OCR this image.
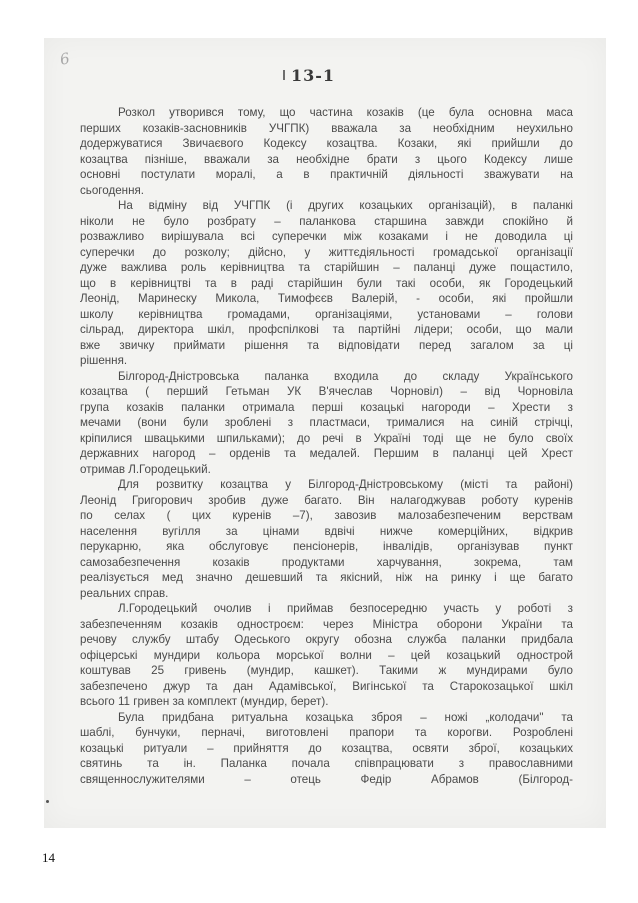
6
13-1
Розкол утворився тому, що частина козаків (це була основна маса
перших козаків-засновників УЧГПК) вважала за необхідним неухильно
додержуватися Звичаєвого Кодексу козацтва. Козаки, які прийшли до
козацтва пізніше, вважали за необхідне брати з цього Кодексу лише
основні постулати моралі, а в практичній діяльності зважувати на
сьогодення.
На відміну від УЧГПК (і других козацьких організацій), в паланкі
ніколи не було розбрату – паланкова старшина завжди спокійно й
розважливо вирішувала всі суперечки між козаками і не доводила ці
суперечки до розколу; дійсно, у життєдіяльності громадської організації
дуже важлива роль керівництва та старійшин – паланці дуже пощастило,
що в керівництві та в раді старійшин були такі особи, як Городецький
Леонід, Маринеску Микола, Тимофєєв Валерій, - особи, які пройшли
школу керівництва громадами, організаціями, установами – голови
сільрад, директора шкіл, профспілкові та партійні лідери; особи, що мали
вже звичку приймати рішення та відповідати перед загалом за ці
рішення.
Білгород-Дністровська паланка входила до складу Українського
козацтва ( перший Гетьман УК В'ячеслав Чорновіл) – від Чорновіла
група козаків паланки отримала перші козацькі нагороди – Хрести з
мечами (вони були зроблені з пластмаси, трималися на синій стрічці,
кріпилися швацькими шпильками); до речі в Україні тоді ще не було своїх
державних нагород – орденів та медалей. Першим в паланці цей Хрест
отримав Л.Городецький.
Для розвитку козацтва у Білгород-Дністровському (місті та районі)
Леонід Григорович зробив дуже багато. Він налагоджував роботу куренів
по селах ( цих куренів –7), завозив малозабезпеченим верствам
населення вугілля за цінами вдвічі нижче комерційних, відкрив
перукарню, яка обслуговує пенсіонерів, інвалідів, організував пункт
самозабезпечення козаків продуктами харчування, зокрема, там
реалізується мед значно дешевший та якісний, ніж на ринку і ще багато
реальних справ.
Л.Городецький очолив і приймав безпосередню участь у роботі з
забезпеченням козаків одностроєм: через Міністра оборони України та
речову службу штабу Одеського округу обозна служба паланки придбала
офіцерські мундири кольора морської волни – цей козацький однострой
коштував 25 гривень (мундир, кашкет). Такими ж мундирами було
забезпечено джур та дан Адамівської, Вигінської та Старокозацької шкіл
всього 11 гривен за комплект (мундир, берет).
Була придбана ритуальна козацька зброя – ножі „колодачи" та
шаблі, бунчуки, перначі, виготовлені прапори та корогви. Розроблені
козацькі ритуали – прийняття до козацтва, освяти зброї, козацьких
святинь та ін. Паланка почала співпрацювати з православними
священнослужителями – отець Федір Абрамов (Білгород-
14
